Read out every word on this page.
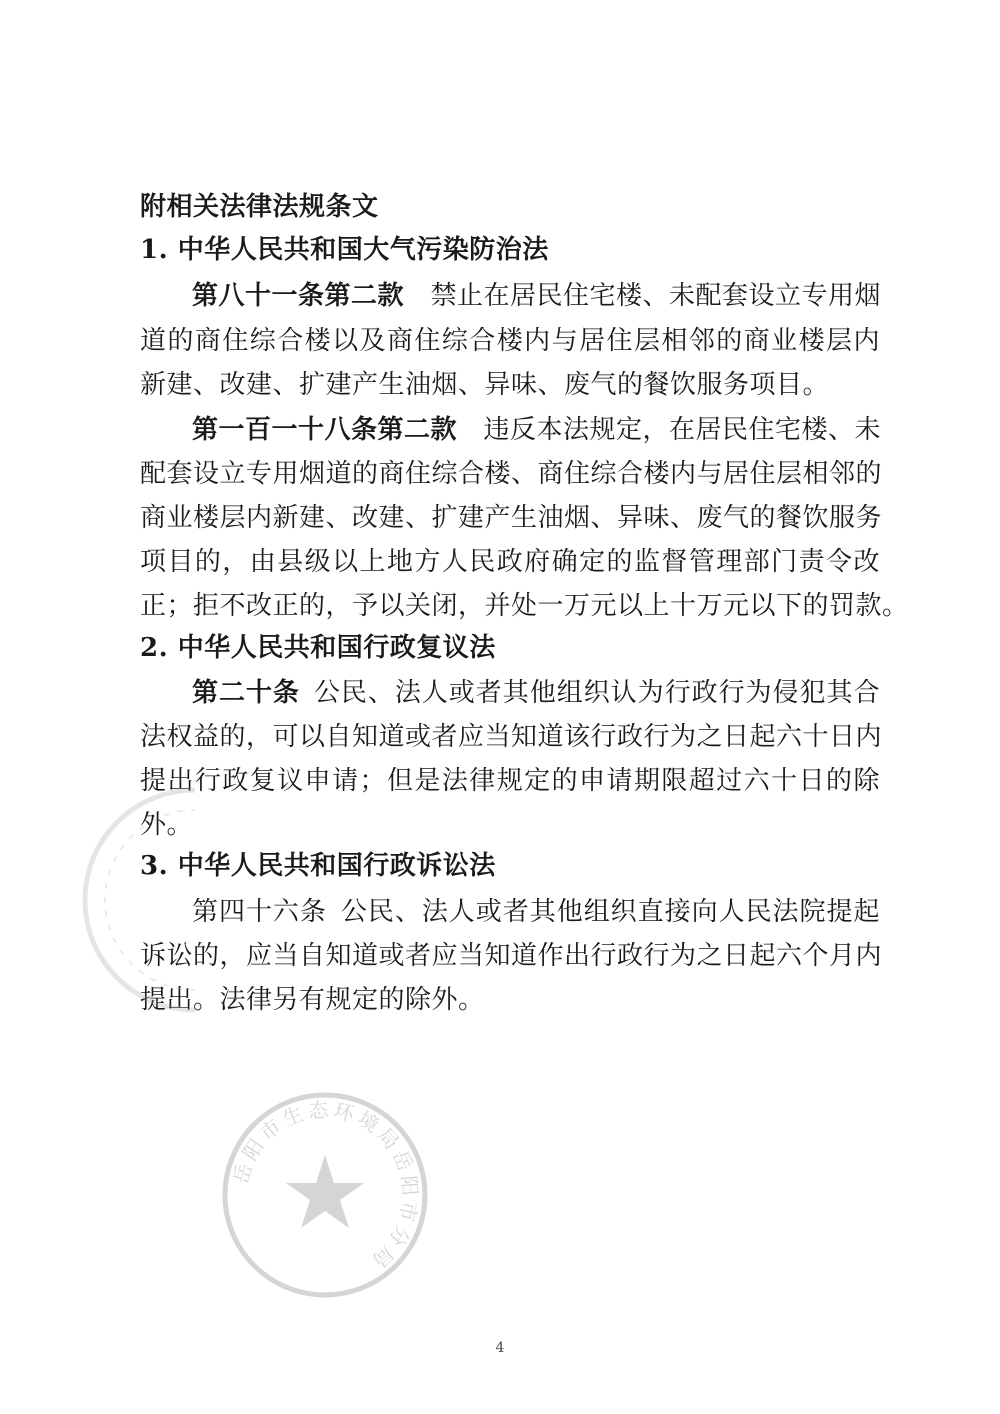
附相关法律法规条文

1. 中华人民共和国大气污染防治法

第八十一条第二款  禁止在居民住宅楼、未配套设立专用烟

道的商住综合楼以及商住综合楼内与居住层相邻的商业楼层内

新建、改建、扩建产生油烟、异味、废气的餐饮服务项目。

第一百一十八条第二款  违反本法规定，在居民住宅楼、未

配套设立专用烟道的商住综合楼、商住综合楼内与居住层相邻的

商业楼层内新建、改建、扩建产生油烟、异味、废气的餐饮服务

项目的，由县级以上地方人民政府确定的监督管理部门责令改

正；拒不改正的，予以关闭，并处一万元以上十万元以下的罚款。

2. 中华人民共和国行政复议法

第二十条  公民、法人或者其他组织认为行政行为侵犯其合

法权益的，可以自知道或者应当知道该行政行为之日起六十日内

提出行政复议申请；但是法律规定的申请期限超过六十日的除

外。

3. 中华人民共和国行政诉讼法

第四十六条  公民、法人或者其他组织直接向人民法院提起

诉讼的，应当自知道或者应当知道作出行政行为之日起六个月内

提出。法律另有规定的除外。

岳阳市生态环境局岳阳市分局
4
